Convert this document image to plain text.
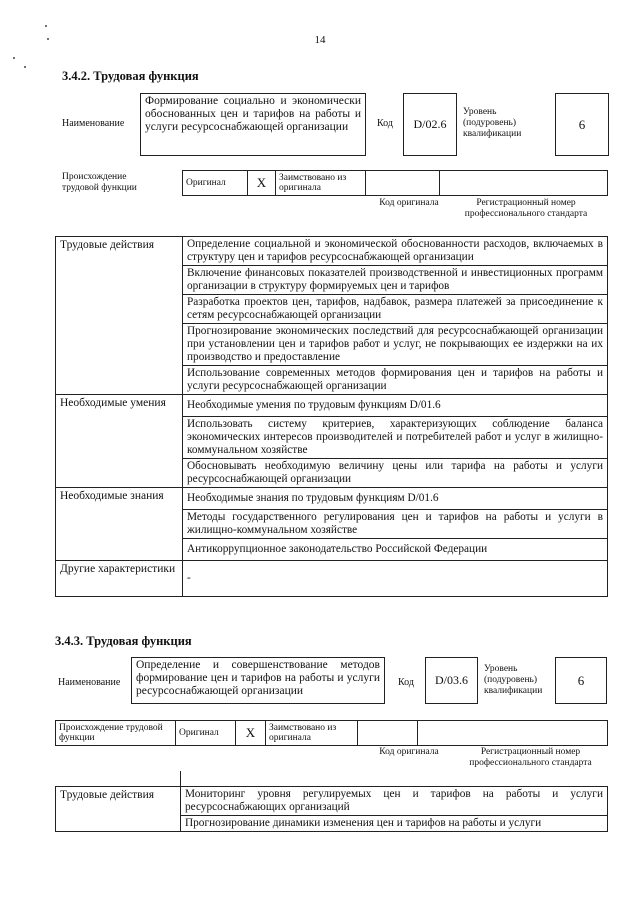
14
3.4.2. Трудовая функция
Наименование
Формирование социально и экономически обоснованных цен и тарифов на работы и услуги ресурсоснабжающей организации	Код	D/02.6
Уровень (подуровень) квалификации
6
Происхождение трудовой функции	Оригинал	X	Заимствовано из оригинала		
Код оригинала	Регистрационный номер профессионального стандарта
Трудовые действия	Определение социальной и экономической обоснованности расходов, включаемых в структуру цен и тарифов ресурсоснабжающей организации
	Включение финансовых показателей производственной и инвестиционных программ организации в структуру формируемых цен и тарифов
	Разработка проектов цен, тарифов, надбавок, размера платежей за присоединение к сетям ресурсоснабжающей организации
	Прогнозирование экономических последствий для ресурсоснабжающей организации при установлении цен и тарифов работ и услуг, не покрывающих ее издержки на их производство и предоставление
	Использование современных методов формирования цен и тарифов на работы и услуги ресурсоснабжающей организации
Необходимые умения	Необходимые умения по трудовым функциям D/01.6
	Использовать систему критериев, характеризующих соблюдение баланса экономических интересов производителей и потребителей работ и услуг в жилищно-коммунальном хозяйстве
	Обосновывать необходимую величину цены или тарифа на работы и услуги ресурсоснабжающей организации
Необходимые знания	Необходимые знания по трудовым функциям D/01.6
	Методы государственного регулирования цен и тарифов на работы и услуги в жилищно-коммунальном хозяйстве
	Антикоррупционное законодательство Российской Федерации
Другие характеристики	-
3.4.3. Трудовая функция
Наименование
Определение и совершенствование методов формирование цен и тарифов на работы и услуги ресурсоснабжающей организации
Код	D/03.6
Уровень (подуровень) квалификации
6
Происхождение трудовой функции	Оригинал	X	Заимствовано из оригинала		
Код оригинала	Регистрационный номер профессионального стандарта

Трудовые действия	Мониторинг уровня регулируемых цен и тарифов на работы и услуги ресурсоснабжающих организаций
	Прогнозирование динамики изменения цен и тарифов на работы и услуги
